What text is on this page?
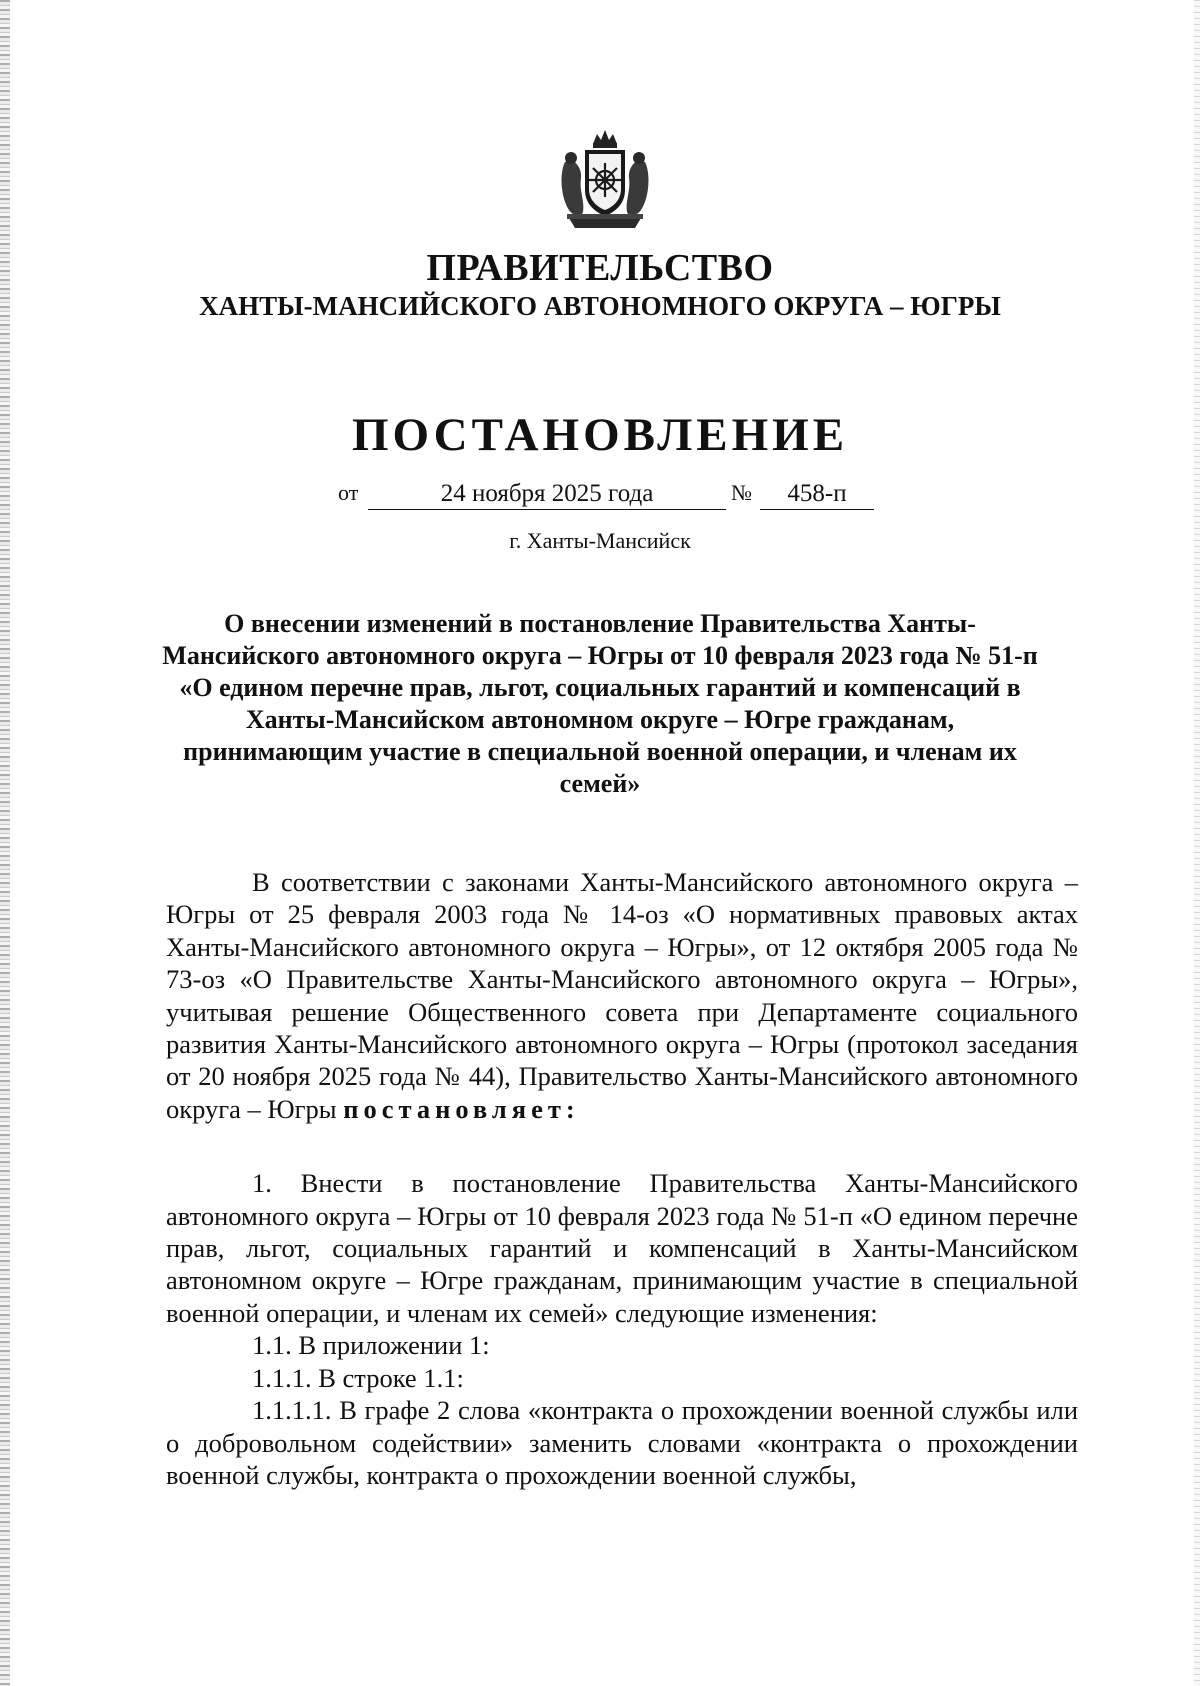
ПРАВИТЕЛЬСТВО
ХАНТЫ-МАНСИЙСКОГО АВТОНОМНОГО ОКРУГА – ЮГРЫ
ПОСТАНОВЛЕНИЕ
от	24 ноября 2025 года	№	458-п
г. Ханты-Мансийск
О внесении изменений в постановление Правительства Ханты-Мансийского автономного округа – Югры от 10 февраля 2023 года № 51-п «О едином перечне прав, льгот, социальных гарантий и компенсаций в Ханты-Мансийском автономном округе – Югре гражданам, принимающим участие в специальной военной операции, и членам их семей»

В соответствии с законами Ханты-Мансийского автономного округа – Югры от 25 февраля 2003 года № 14-оз «О нормативных правовых актах Ханты-Мансийского автономного округа – Югры», от 12 октября 2005 года № 73-оз «О Правительстве Ханты-Мансийского автономного округа – Югры», учитывая решение Общественного совета при Департаменте социального развития Ханты-Мансийского автономного округа – Югры (протокол заседания от 20 ноября 2025 года № 44), Правительство Ханты-Мансийского автономного округа – Югры постановляет:

1. Внести в постановление Правительства Ханты-Мансийского автономного округа – Югры от 10 февраля 2023 года № 51-п «О едином перечне прав, льгот, социальных гарантий и компенсаций в Ханты-Мансийском автономном округе – Югре гражданам, принимающим участие в специальной военной операции, и членам их семей» следующие изменения:

1.1. В приложении 1:

1.1.1. В строке 1.1:

1.1.1.1. В графе 2 слова «контракта о прохождении военной службы или о добровольном содействии» заменить словами «контракта о прохождении военной службы, контракта о прохождении военной службы,
